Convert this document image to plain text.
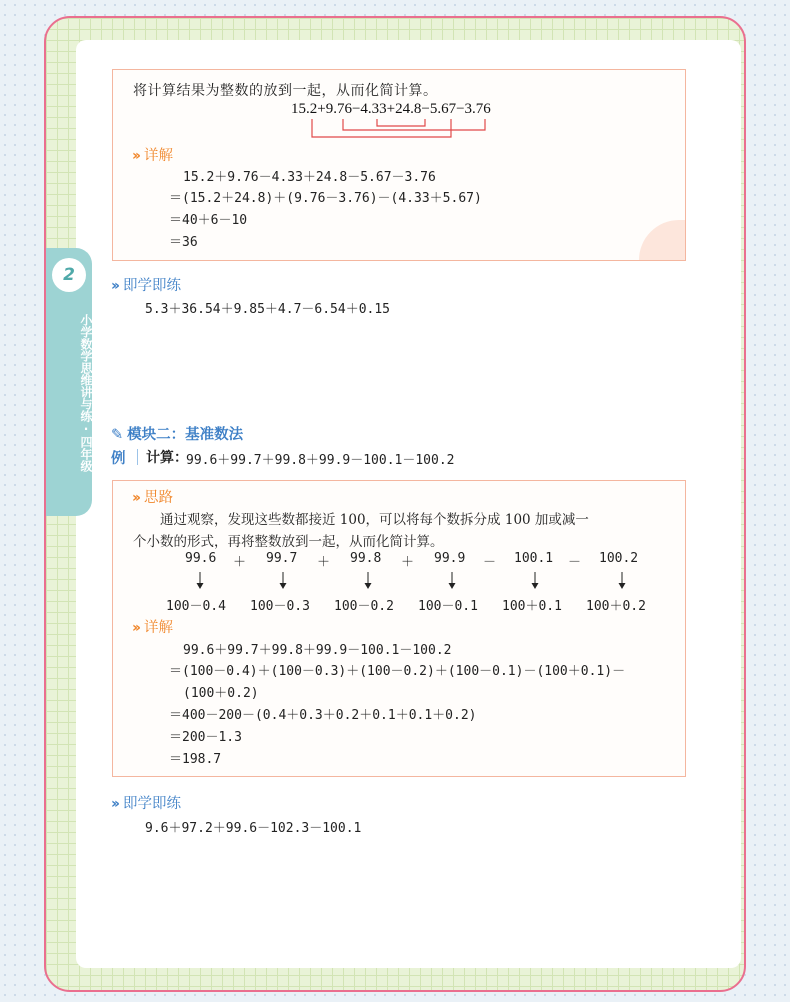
2
小学数学思维讲与练·四年级
将计算结果为整数的放到一起，从而化简计算。
15.2+9.76−4.33+24.8−5.67−3.76
›› 详解
15.2＋9.76－4.33＋24.8－5.67－3.76
＝(15.2＋24.8)＋(9.76－3.76)－(4.33＋5.67)
＝40＋6－10
＝36
›› 即学即练
5.3＋36.54＋9.85＋4.7－6.54＋0.15
✎ 模块二：基准数法
例 计算：
99.6＋99.7＋99.8＋99.9－100.1－100.2
›› 思路
通过观察，发现这些数都接近 100，可以将每个数拆分成 100 加或减一
个小数的形式，再将整数放到一起，从而化简计算。
99.6 ＋ 99.7 ＋ 99.8 ＋ 99.9 － 100.1 － 100.2
100－0.4 100－0.3 100－0.2 100－0.1 100＋0.1 100＋0.2
›› 详解
99.6＋99.7＋99.8＋99.9－100.1－100.2
＝(100－0.4)＋(100－0.3)＋(100－0.2)＋(100－0.1)－(100＋0.1)－
(100＋0.2)
＝400－200－(0.4＋0.3＋0.2＋0.1＋0.1＋0.2)
＝200－1.3
＝198.7
›› 即学即练
9.6＋97.2＋99.6－102.3－100.1
